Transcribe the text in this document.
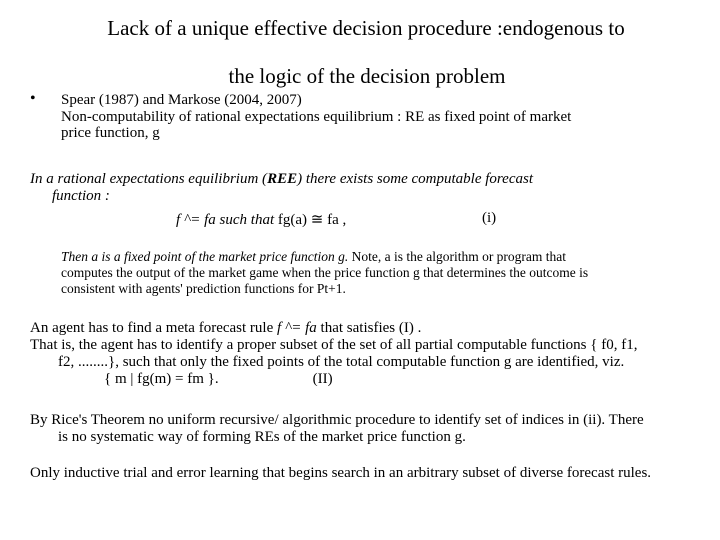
Lack of a unique effective decision procedure :endogenous to
the logic of the decision problem
• Spear (1987) and Markose (2004, 2007)
Non-computability of rational expectations equilibrium : RE as fixed point of market
price function, g
In a rational expectations equilibrium (REE) there exists some computable forecast
function :
f ^= fa such that fg(a) ≅ fa ,	(i)
Then a is a fixed point of the market price function g. Note, a is the algorithm or program that
computes the output of the market game when the price function g that determines the outcome is
consistent with agents' prediction functions for Pt+1.
An agent has to find a meta forecast rule f ^= fa that satisfies (I) .
That is, the agent has to identify a proper subset of the set of all partial computable functions { f0, f1,
f2, ........}, such that only the fixed points of the total computable function g are identified, viz.
{ m | fg(m) = fm }.	(II)
By Rice's Theorem no uniform recursive/ algorithmic procedure to identify set of indices in (ii). There
is no systematic way of forming REs of the market price function g.
Only inductive trial and error learning that begins search in an arbitrary subset of diverse forecast rules.
